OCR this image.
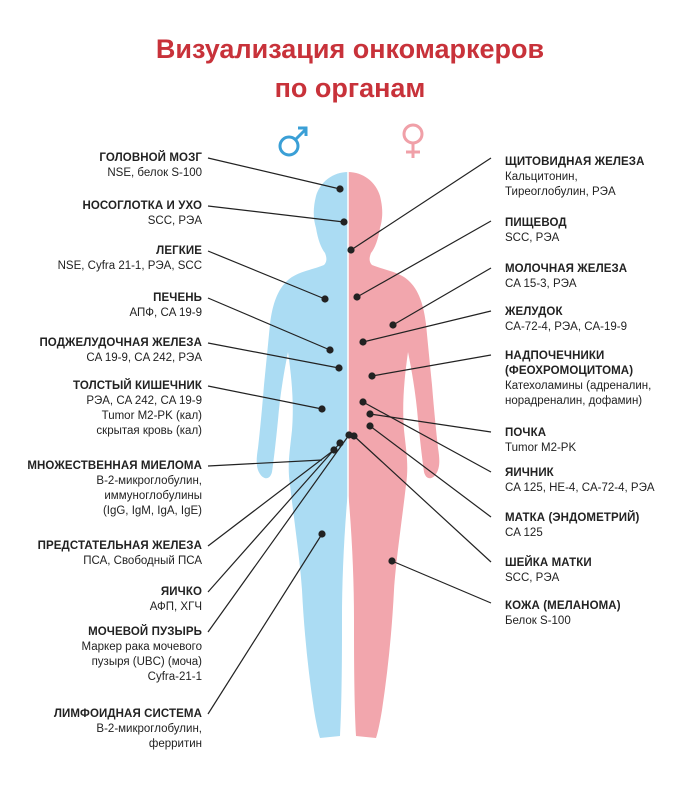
Визуализация онкомаркеров
по органам
ГОЛОВНОЙ МОЗГ
NSE, белок S-100
НОСОГЛОТКА И УХО
SCC, РЭА
ЛЕГКИЕ
NSE, Cyfra 21-1, РЭА, SCC
ПЕЧЕНЬ
АПФ, CA 19-9
ПОДЖЕЛУДОЧНАЯ ЖЕЛЕЗА
CA 19-9, CA 242, РЭА
ТОЛСТЫЙ КИШЕЧНИК
РЭА, CA 242, CA 19-9
Tumor M2-PK (кал)
скрытая кровь (кал)
МНОЖЕСТВЕННАЯ МИЕЛОМА
B-2-микроглобулин,
иммуноглобулины
(IgG, IgM, IgA, IgE)
ПРЕДСТАТЕЛЬНАЯ ЖЕЛЕЗА
ПСА, Свободный ПСА
ЯИЧКО
АФП, ХГЧ
МОЧЕВОЙ ПУЗЫРЬ
Маркер рака мочевого
пузыря (UBC) (моча)
Cyfra-21-1
ЛИМФОИДНАЯ СИСТЕМА
B-2-микроглобулин,
ферритин
ЩИТОВИДНАЯ ЖЕЛЕЗА
Кальцитонин,
Тиреоглобулин, РЭА
ПИЩЕВОД
SCC, РЭА
МОЛОЧНАЯ ЖЕЛЕЗА
CA 15-3, РЭА
ЖЕЛУДОК
CA-72-4, РЭА, CA-19-9
НАДПОЧЕЧНИКИ
(ФЕОХРОМОЦИТОМА)
Катехоламины (адреналин,
норадреналин, дофамин)
ПОЧКА
Tumor M2-PK
ЯИЧНИК
CA 125, HE-4, CA-72-4, РЭА
МАТКА (ЭНДОМЕТРИЙ)
CA 125
ШЕЙКА МАТКИ
SCC, РЭА
КОЖА (МЕЛАНОМА)
Белок S-100
